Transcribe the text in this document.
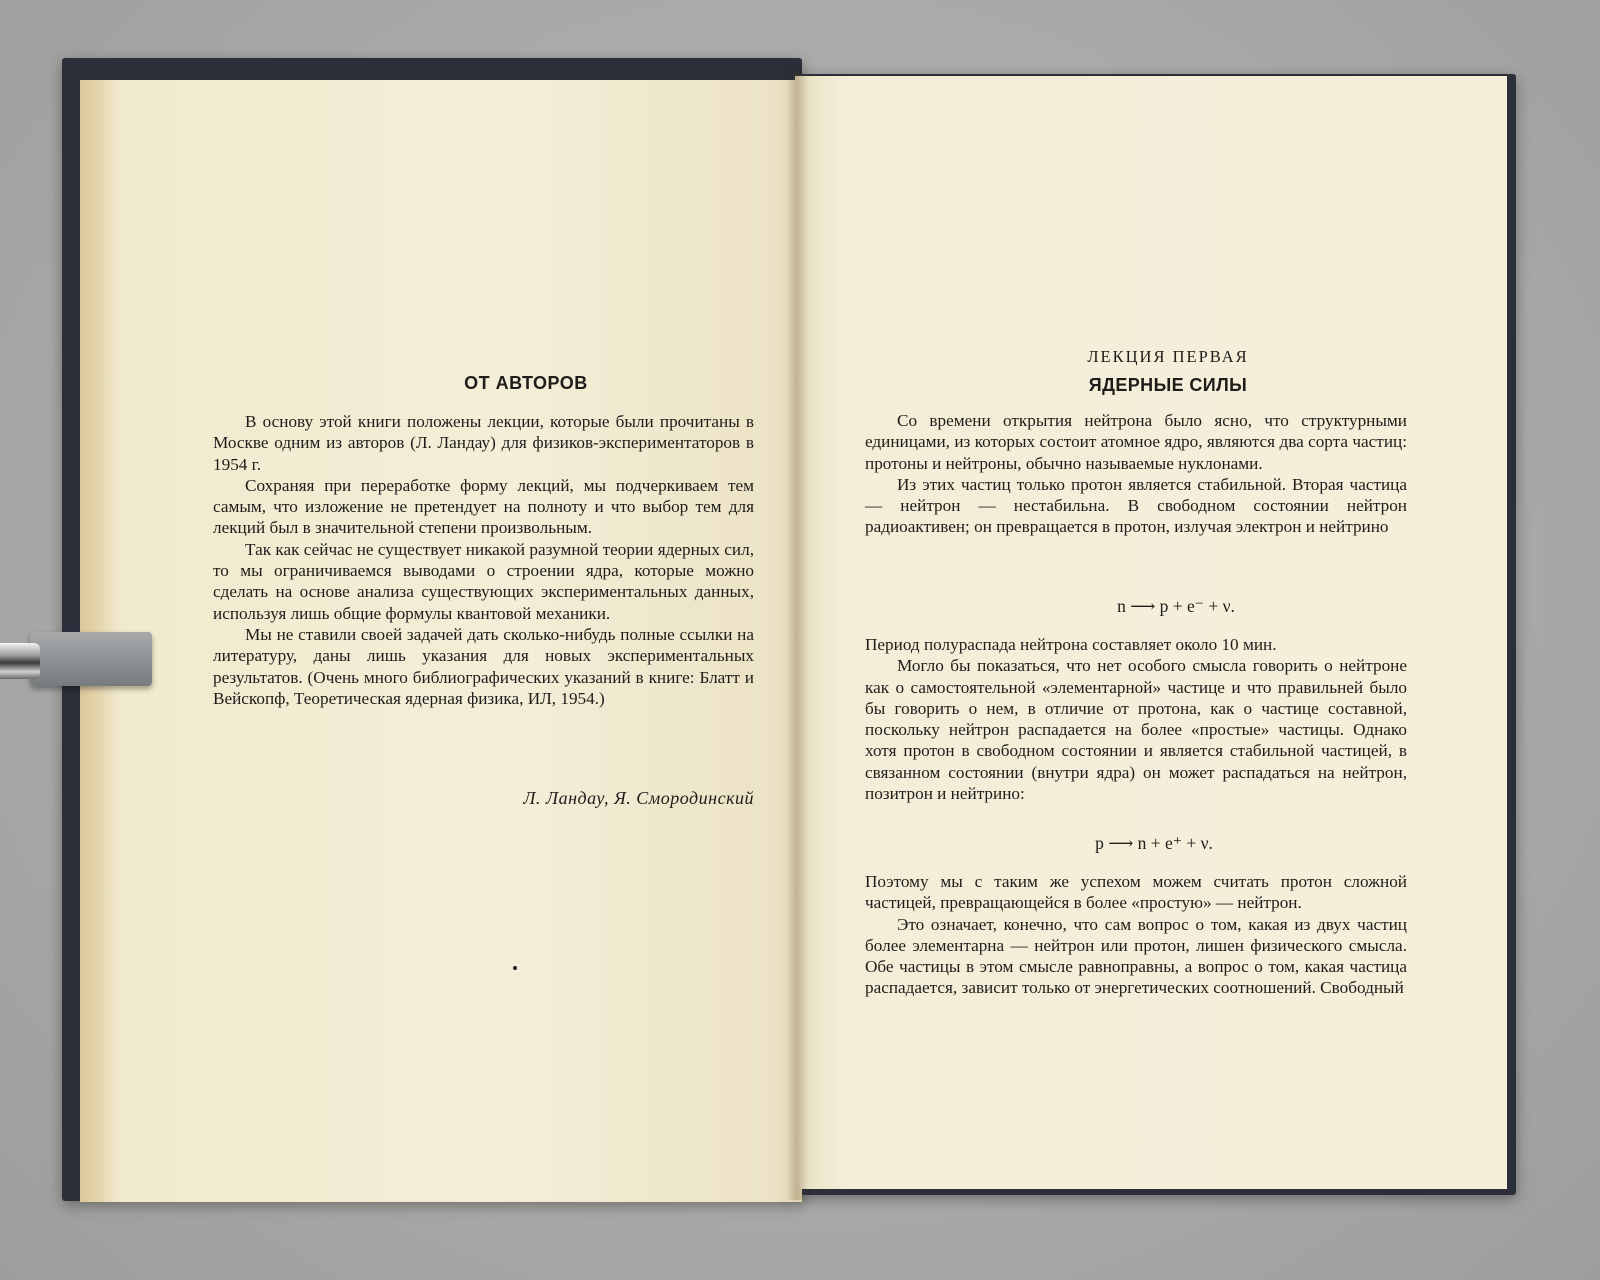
ОТ АВТОРОВ

В основу этой книги положены лекции, которые были прочитаны в Москве одним из авторов (Л. Ландау) для физиков-экспериментаторов в 1954 г.

Сохраняя при переработке форму лекций, мы подчеркиваем тем самым, что изложение не претендует на полноту и что выбор тем для лекций был в значительной степени произвольным.

Так как сейчас не существует никакой разумной теории ядерных сил, то мы ограничиваемся выводами о строении ядра, которые можно сделать на основе анализа существующих экспериментальных данных, используя лишь общие формулы квантовой механики.

Мы не ставили своей задачей дать сколько-нибудь полные ссылки на литературу, даны лишь указания для новых экспериментальных результатов. (Очень много библиографических указаний в книге: Блатт и Вейскопф, Теоретическая ядерная физика, ИЛ, 1954.)

Л. Ландау, Я. Смородинский
ЛЕКЦИЯ ПЕРВАЯ
ЯДЕРНЫЕ СИЛЫ

Со времени открытия нейтрона было ясно, что структурными единицами, из которых состоит атомное ядро, являются два сорта частиц: протоны и нейтроны, обычно называемые нуклонами.

Из этих частиц только протон является стабильной. Вторая частица — нейтрон — нестабильна. В свободном состоянии нейтрон радиоактивен; он превращается в протон, излучая электрон и нейтрино

n ⟶ p + e⁻ + ν.

Период полураспада нейтрона составляет около 10 мин.

Могло бы показаться, что нет особого смысла говорить о нейтроне как о самостоятельной «элементарной» частице и что правильней было бы говорить о нем, в отличие от протона, как о частице составной, поскольку нейтрон распадается на более «простые» частицы. Однако хотя протон в свободном состоянии и является стабильной частицей, в связанном состоянии (внутри ядра) он может распадаться на нейтрон, позитрон и нейтрино:

p ⟶ n + e⁺ + ν.

Поэтому мы с таким же успехом можем считать протон сложной частицей, превращающейся в более «простую» — нейтрон.

Это означает, конечно, что сам вопрос о том, какая из двух частиц более элементарна — нейтрон или протон, лишен физического смысла. Обе частицы в этом смысле равноправны, а вопрос о том, какая частица распадается, зависит только от энергетических соотношений. Свободный
